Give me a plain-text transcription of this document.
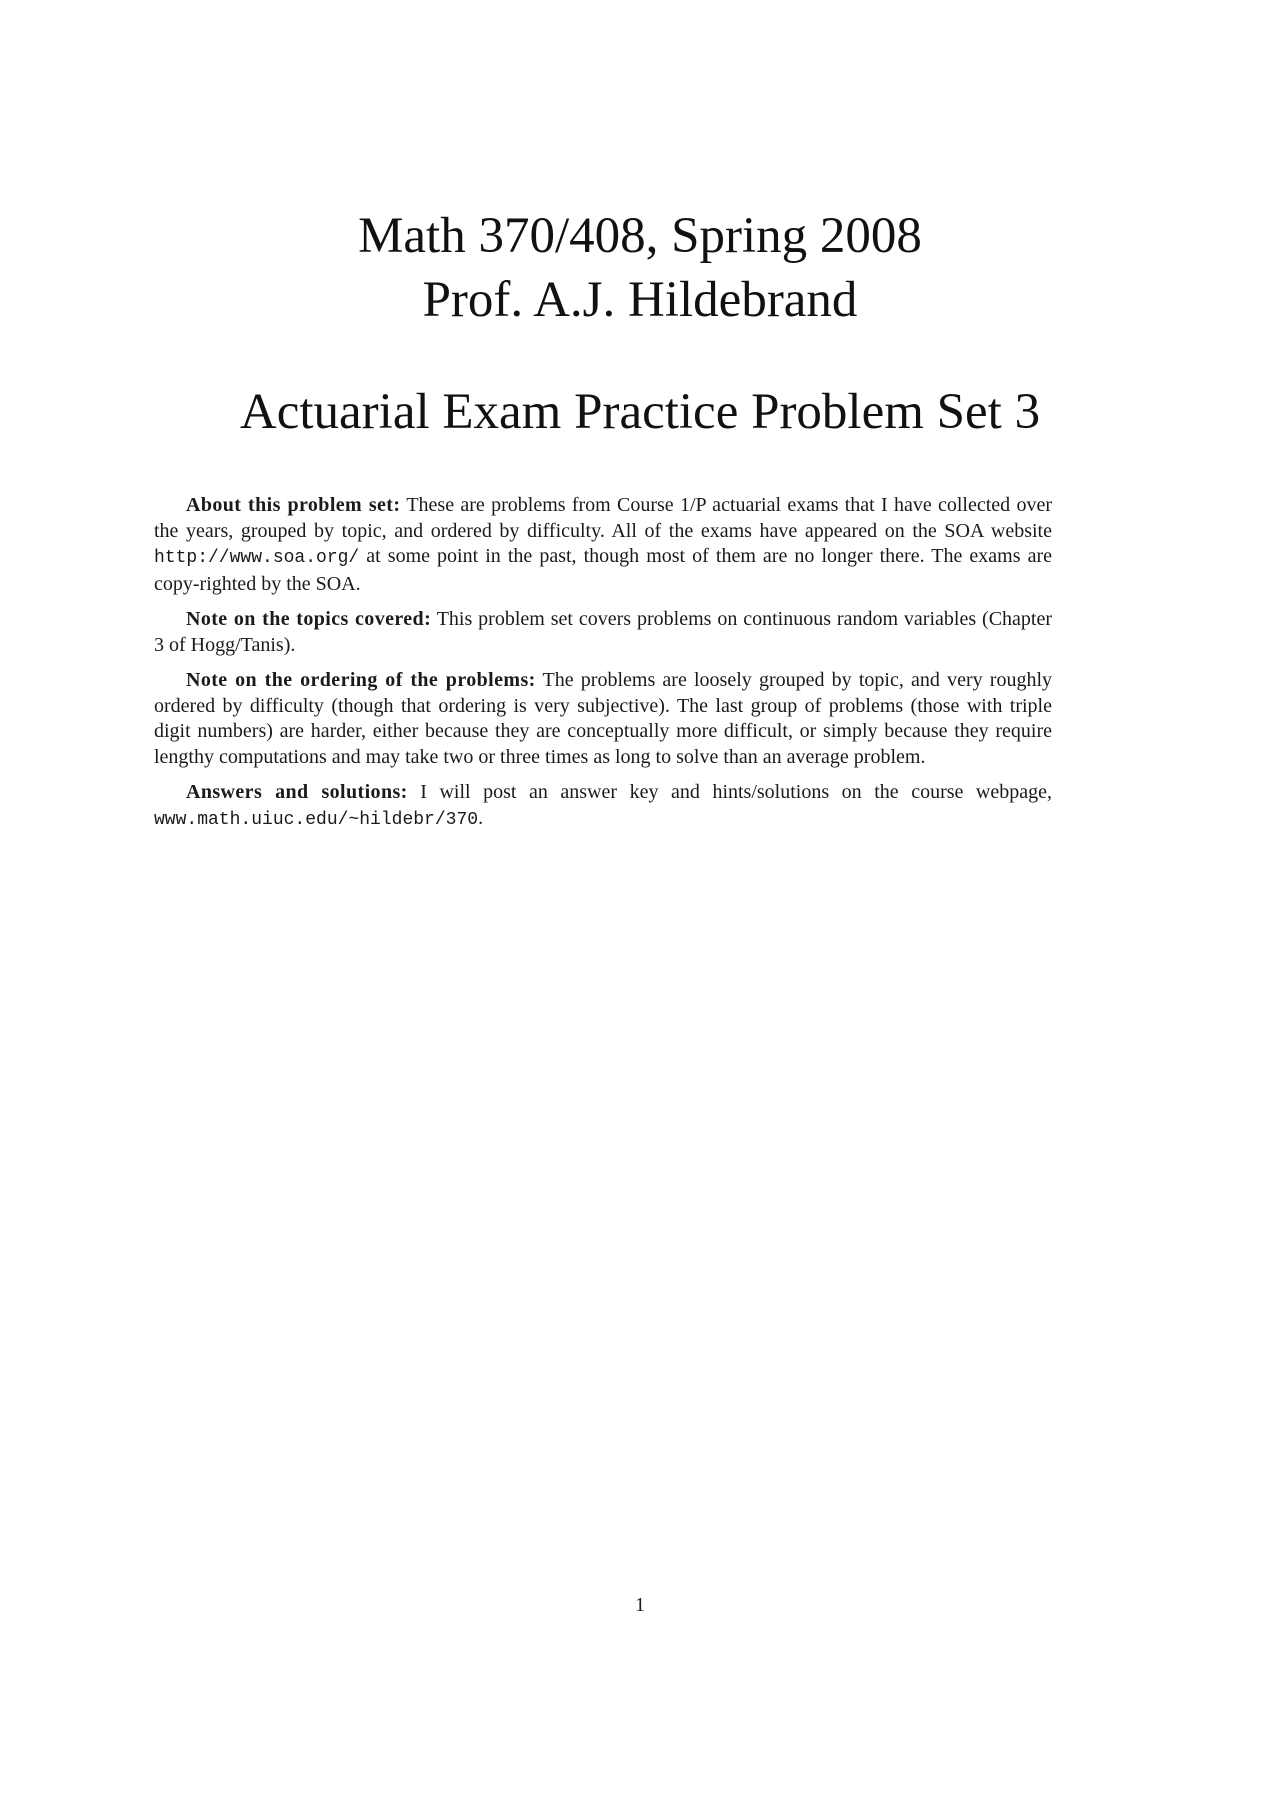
Math 370/408, Spring 2008
Prof. A.J. Hildebrand
Actuarial Exam Practice Problem Set 3

About this problem set: These are problems from Course 1/P actuarial exams that I have collected over the years, grouped by topic, and ordered by difficulty. All of the exams have appeared on the SOA website http://www.soa.org/ at some point in the past, though most of them are no longer there. The exams are copy-righted by the SOA.

Note on the topics covered: This problem set covers problems on continuous random variables (Chapter 3 of Hogg/Tanis).

Note on the ordering of the problems: The problems are loosely grouped by topic, and very roughly ordered by difficulty (though that ordering is very subjective). The last group of problems (those with triple digit numbers) are harder, either because they are conceptually more difficult, or simply because they require lengthy computations and may take two or three times as long to solve than an average problem.

Answers and solutions: I will post an answer key and hints/solutions on the course webpage, www.math.uiuc.edu/~hildebr/370.

1
